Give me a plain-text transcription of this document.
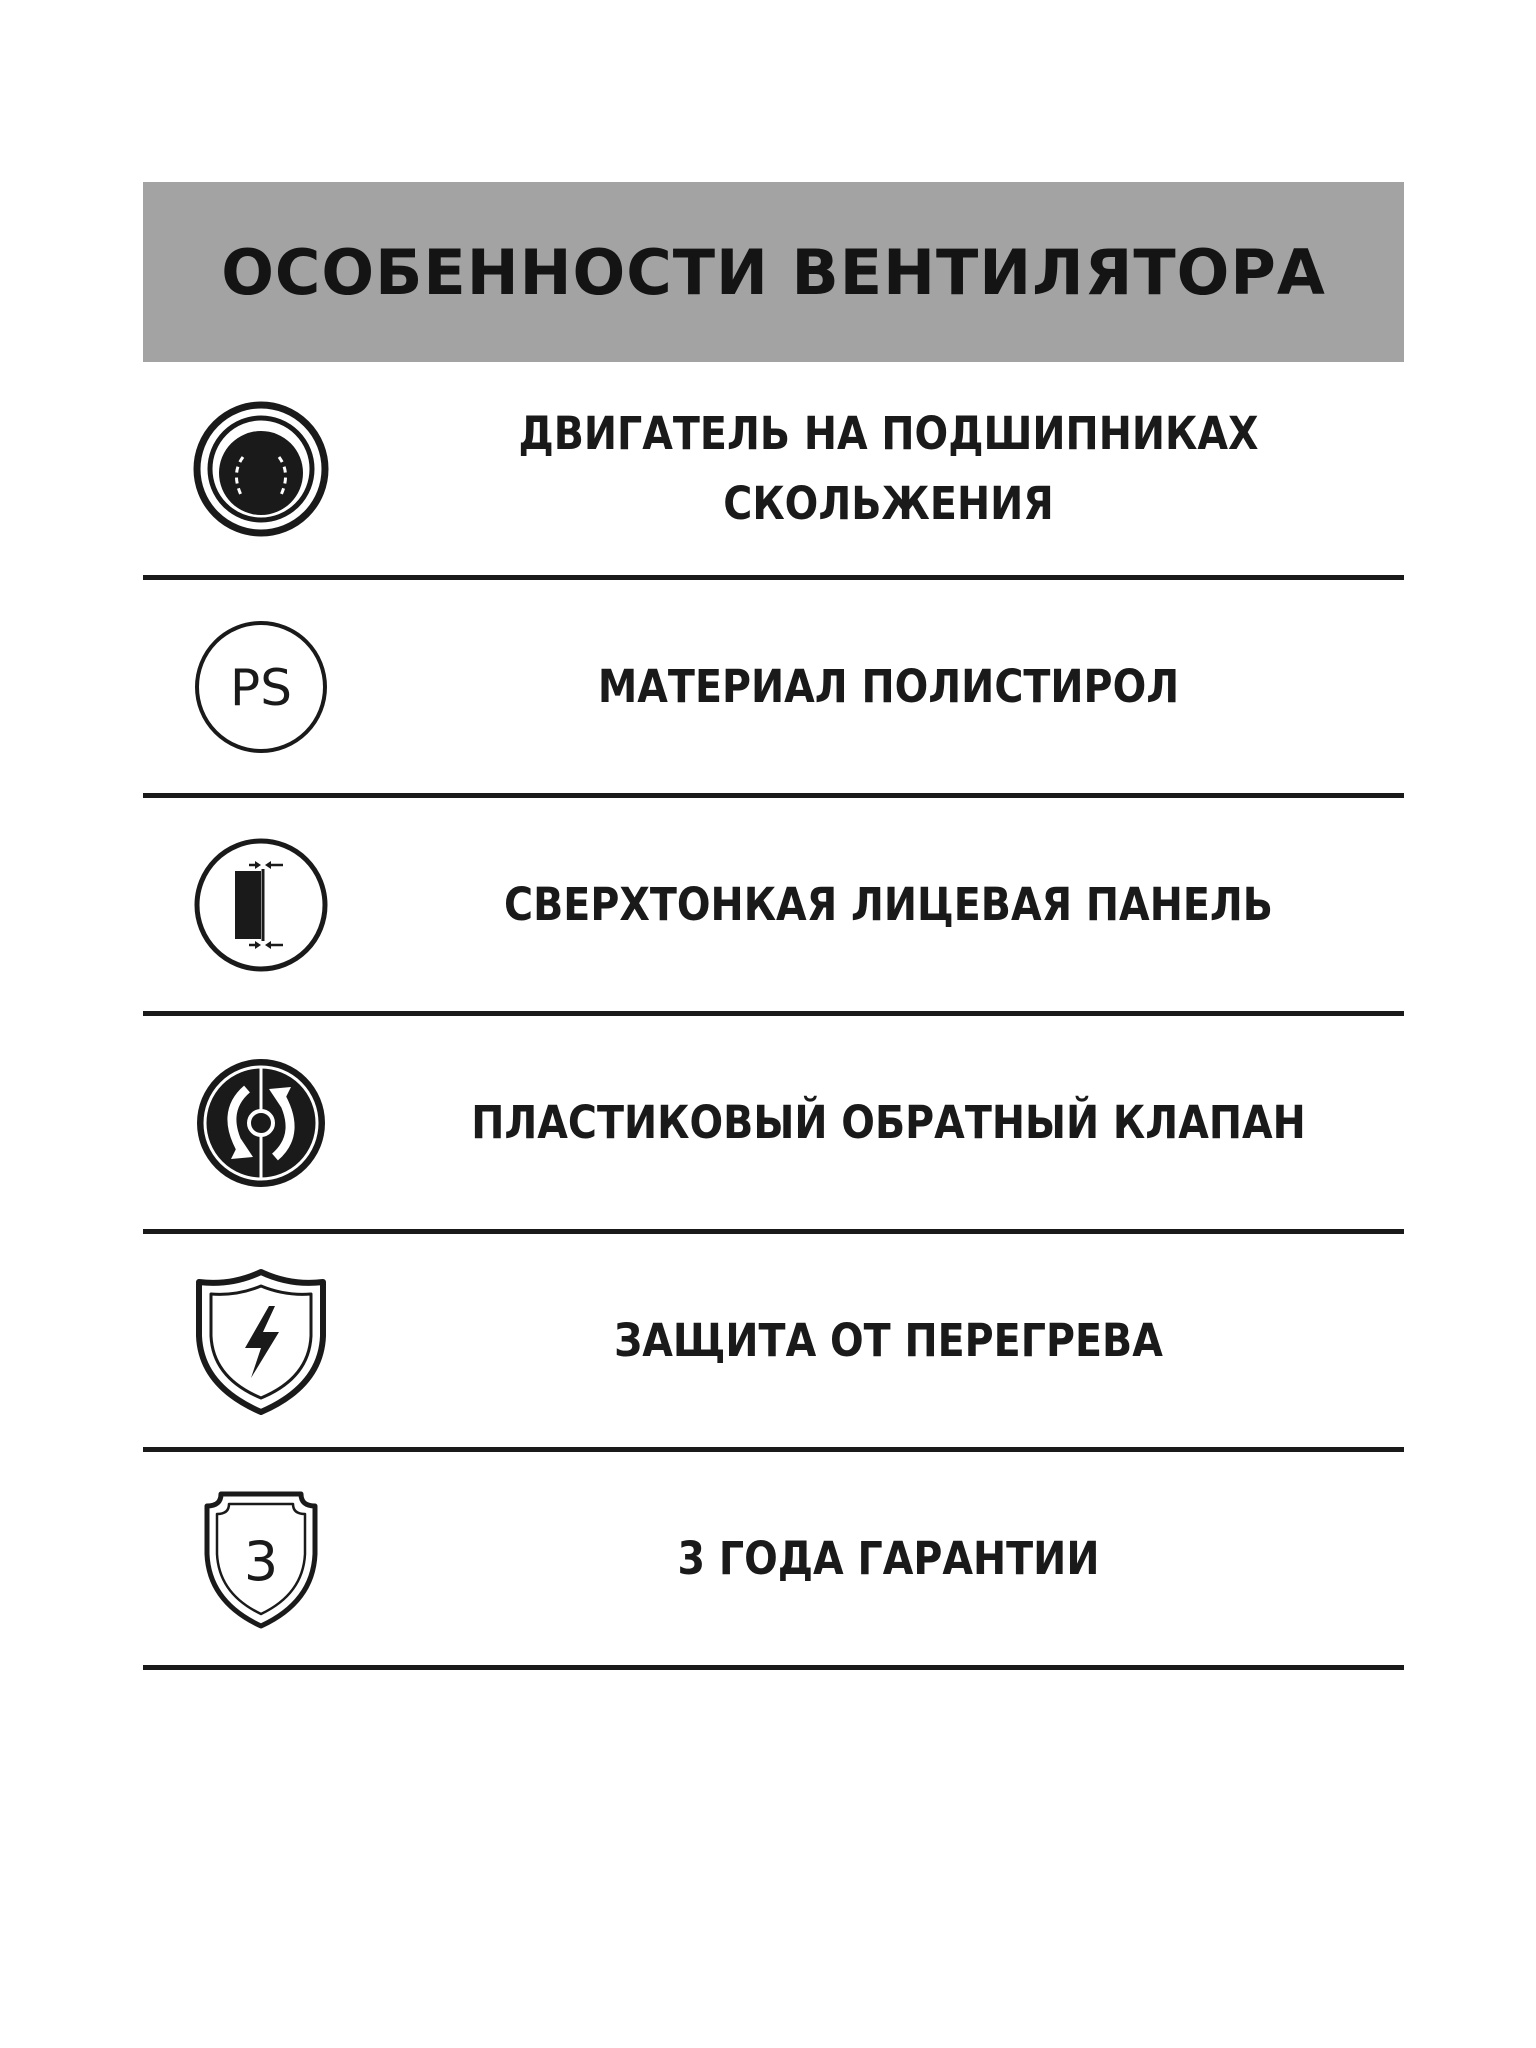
ОСОБЕННОСТИ ВЕНТИЛЯТОРА
ДВИГАТЕЛЬ НА ПОДШИПНИКАХ
СКОЛЬЖЕНИЯ
PS	МАТЕРИАЛ ПОЛИСТИРОЛ
СВЕРХТОНКАЯ ЛИЦЕВАЯ ПАНЕЛЬ
ПЛАСТИКОВЫЙ ОБРАТНЫЙ КЛАПАН
ЗАЩИТА ОТ ПЕРЕГРЕВА
3	3 ГОДА ГАРАНТИИ
